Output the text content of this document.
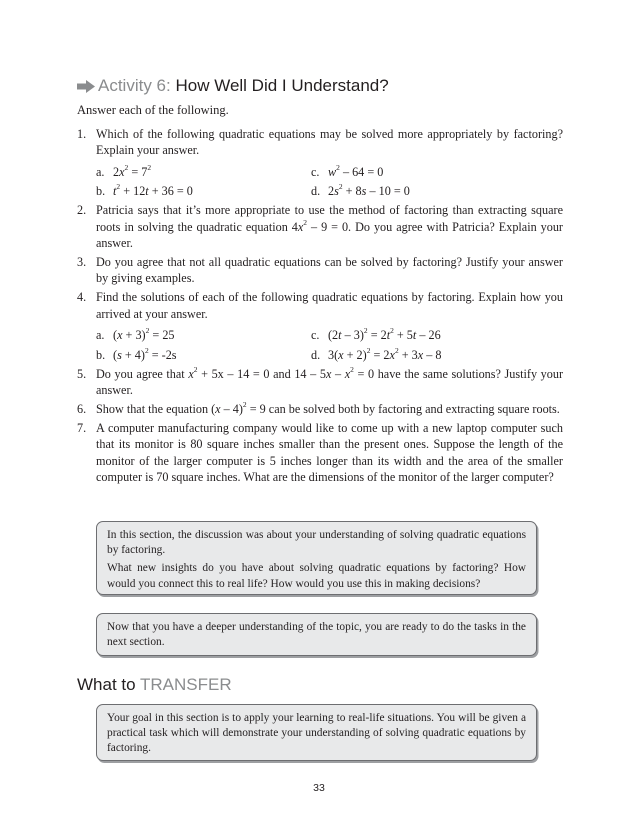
Activity 6:
How Well Did I Understand?
Answer each of the following.
1. Which of the following quadratic equations may be solved more appropriately by factoring? Explain your answer.
a. $2x^2 = 7^2$	c. $w^2 - 64 = 0$
b. $t^2 + 12t + 36 = 0$	d. $2s^2 + 8s - 10 = 0$
2. Patricia says that it’s more appropriate to use the method of factoring than extracting square roots in solving the quadratic equation $4x^2 - 9 = 0$. Do you agree with Patricia? Explain your answer.
3. Do you agree that not all quadratic equations can be solved by factoring? Justify your answer by giving examples.
4. Find the solutions of each of the following quadratic equations by factoring. Explain how you arrived at your answer.
a. $(x + 3)^2 = 25$	c. $(2t - 3)^2 = 2t^2 + 5t - 26$
b. $(s + 4)^2 = -2s$	d. $3(x + 2)^2 = 2x^2 + 3x - 8$
5. Do you agree that $x^2 + 5x - 14 = 0$ and $14 - 5x - x^2 = 0$ have the same solutions? Justify your answer.
6. Show that the equation (x – 4)$^2$ = 9 can be solved both by factoring and extracting square roots.
7. A computer manufacturing company would like to come up with a new laptop computer such that its monitor is 80 square inches smaller than the present ones. Suppose the length of the monitor of the larger computer is 5 inches longer than its width and the area of the smaller computer is 70 square inches. What are the dimensions of the monitor of the larger computer?

In this section, the discussion was about your understanding of solving quadratic equations by factoring.

What new insights do you have about solving quadratic equations by factoring? How would you connect this to real life? How would you use this in making decisions?

Now that you have a deeper understanding of the topic, you are ready to do the tasks in the next section.

What to TRANSFER

Your goal in this section is to apply your learning to real-life situations. You will be given a practical task which will demonstrate your understanding of solving quadratic equations by factoring.

33
